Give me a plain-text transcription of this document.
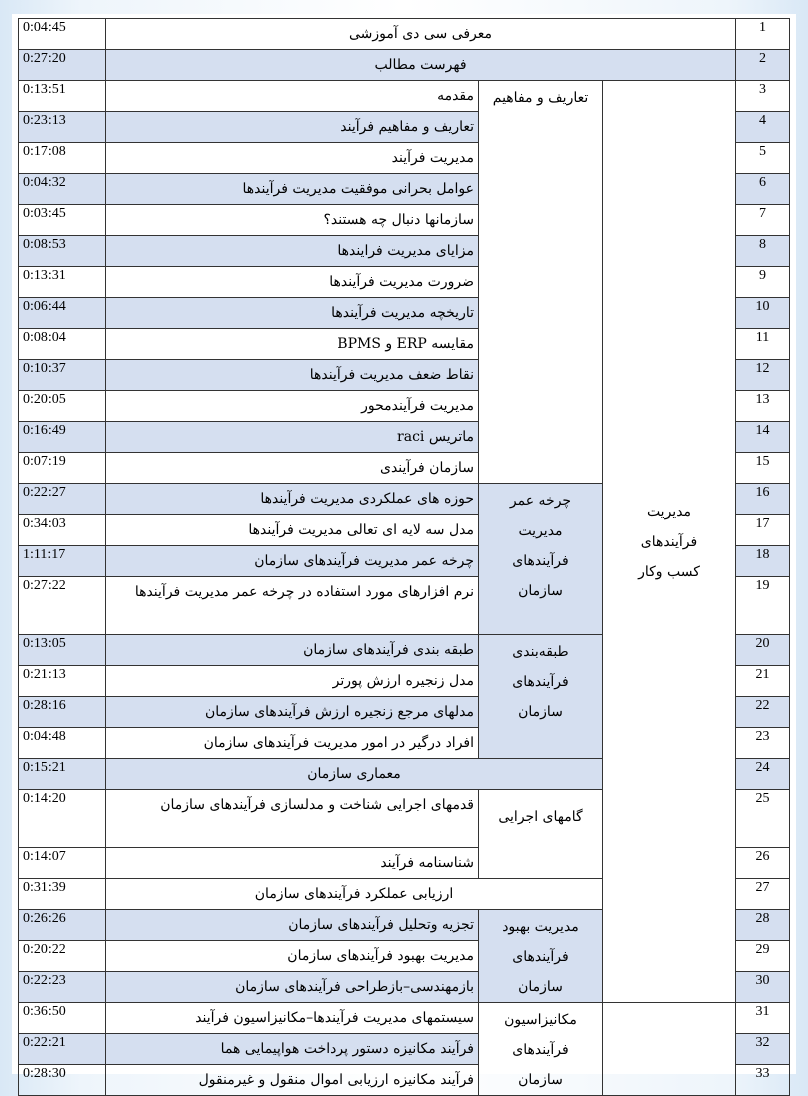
0:04:45	معرفی سی دی آموزشی			1
0:27:20	فهرست مطالب			2
0:13:51	مقدمه	تعاریف و مفاهیم	مدیریت فرآیندهای کسب وکار	3
0:23:13	تعاریف و مفاهیم فرآیند			4
0:17:08	مدیریت فرآیند			5
0:04:32	عوامل بحرانی موفقیت مدیریت فرآیندها			6
0:03:45	سازمانها دنبال چه هستند؟			7
0:08:53	مزایای مدیریت فرایندها			8
0:13:31	ضرورت مدیریت فرآیندها			9
0:06:44	تاریخچه مدیریت فرآیندها			10
0:08:04	مقایسه ERP و BPMS			11
0:10:37	نقاط ضعف مدیریت فرآیندها			12
0:20:05	مدیریت فرآیندمحور			13
0:16:49	ماتریس raci			14
0:07:19	سازمان فرآیندی			15
0:22:27	حوزه های عملکردی مدیریت فرآیندها	چرخه عمر مدیریت فرآیندهای سازمان		16
0:34:03	مدل سه لایه ای تعالی مدیریت فرآیندها			17
1:11:17	چرخه عمر مدیریت فرآیندهای سازمان			18
0:27:22	نرم افزارهای مورد استفاده در چرخه عمر مدیریت فرآیندها			19
0:13:05	طبقه بندی فرآیندهای سازمان	طبقه‌بندی فرآیندهای سازمان		20
0:21:13	مدل زنجیره ارزش پورتر			21
0:28:16	مدلهای مرجع زنجیره ارزش فرآیندهای سازمان			22
0:04:48	افراد درگیر در امور مدیریت فرآیندهای سازمان			23
0:15:21	معماری سازمان			24
0:14:20	قدمهای اجرایی شناخت و مدلسازی فرآیندهای سازمان	گامهای اجرایی		25
0:14:07	شناسنامه فرآیند			26
0:31:39	ارزیابی عملکرد فرآیندهای سازمان			27
0:26:26	تجزیه وتحلیل فرآیندهای سازمان	مدیریت بهبود فرآیندهای سازمان		28
0:20:22	مدیریت بهبود فرآیندهای سازمان			29
0:22:23	بازمهندسی–بازطراحی فرآیندهای سازمان			30
0:36:50	سیستمهای مدیریت فرآیندها–مکانیزاسیون فرآیند	مکانیزاسیون فرآیندهای سازمان		31
0:22:21	فرآیند مکانیزه دستور پرداخت هواپیمایی هما			32
0:28:30	فرآیند مکانیزه ارزیابی اموال منقول و غیرمنقول			33
